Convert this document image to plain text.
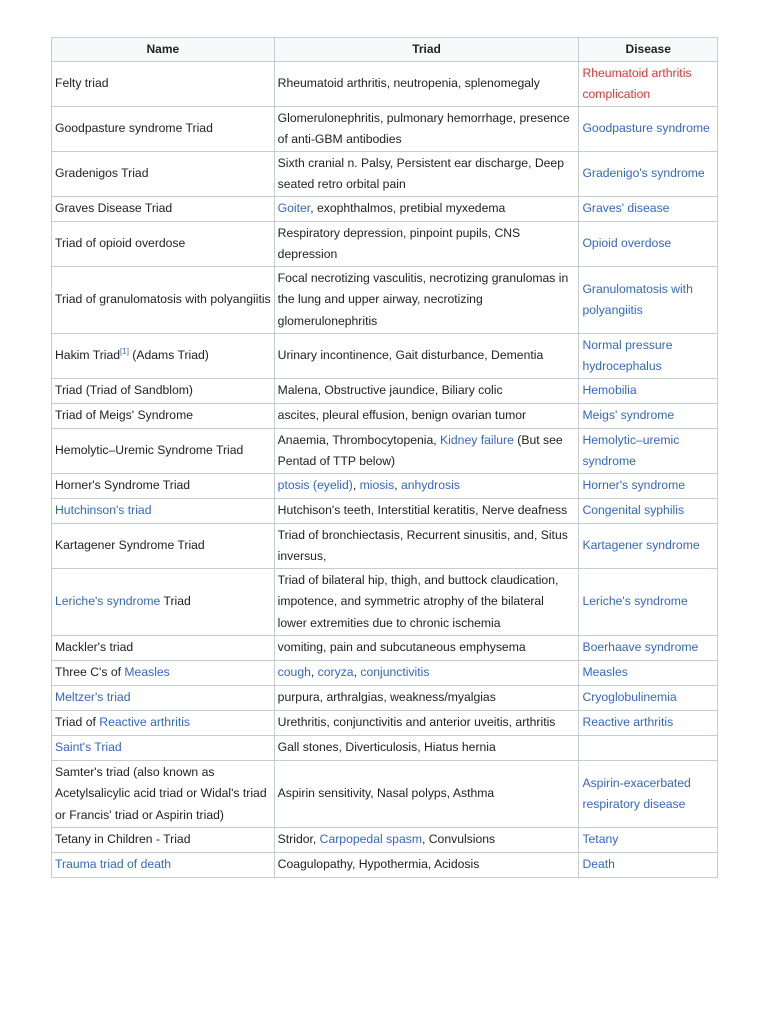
Name	Triad	Disease
Felty triad	Rheumatoid arthritis, neutropenia, splenomegaly	Rheumatoid arthritis complication
Goodpasture syndrome Triad	Glomerulonephritis, pulmonary hemorrhage, presence of anti-GBM antibodies	Goodpasture syndrome
Gradenigos Triad	Sixth cranial n. Palsy, Persistent ear discharge, Deep seated retro orbital pain	Gradenigo's syndrome
Graves Disease Triad	Goiter, exophthalmos, pretibial myxedema	Graves' disease
Triad of opioid overdose	Respiratory depression, pinpoint pupils, CNS depression	Opioid overdose
Triad of granulomatosis with polyangiitis	Focal necrotizing vasculitis, necrotizing granulomas in the lung and upper airway, necrotizing glomerulonephritis	Granulomatosis with polyangiitis
Hakim Triad[1] (Adams Triad)	Urinary incontinence, Gait disturbance, Dementia	Normal pressure hydrocephalus
Triad (Triad of Sandblom)	Malena, Obstructive jaundice, Biliary colic	Hemobilia
Triad of Meigs' Syndrome	ascites, pleural effusion, benign ovarian tumor	Meigs' syndrome
Hemolytic–Uremic Syndrome Triad	Anaemia, Thrombocytopenia, Kidney failure (But see Pentad of TTP below)	Hemolytic–uremic syndrome
Horner's Syndrome Triad	ptosis (eyelid), miosis, anhydrosis	Horner's syndrome
Hutchinson's triad	Hutchison's teeth, Interstitial keratitis, Nerve deafness	Congenital syphilis
Kartagener Syndrome Triad	Triad of bronchiectasis, Recurrent sinusitis, and, Situs inversus,	Kartagener syndrome
Leriche's syndrome Triad	Triad of bilateral hip, thigh, and buttock claudication, impotence, and symmetric atrophy of the bilateral lower extremities due to chronic ischemia	Leriche's syndrome
Mackler's triad	vomiting, pain and subcutaneous emphysema	Boerhaave syndrome
Three C's of Measles	cough, coryza, conjunctivitis	Measles
Meltzer's triad	purpura, arthralgias, weakness/myalgias	Cryoglobulinemia
Triad of Reactive arthritis	Urethritis, conjunctivitis and anterior uveitis, arthritis	Reactive arthritis
Saint's Triad	Gall stones, Diverticulosis, Hiatus hernia	
Samter's triad (also known as Acetylsalicylic acid triad or Widal's triad or Francis' triad or Aspirin triad)	Aspirin sensitivity, Nasal polyps, Asthma	Aspirin-exacerbated respiratory disease
Tetany in Children - Triad	Stridor, Carpopedal spasm, Convulsions	Tetany
Trauma triad of death	Coagulopathy, Hypothermia, Acidosis	Death
